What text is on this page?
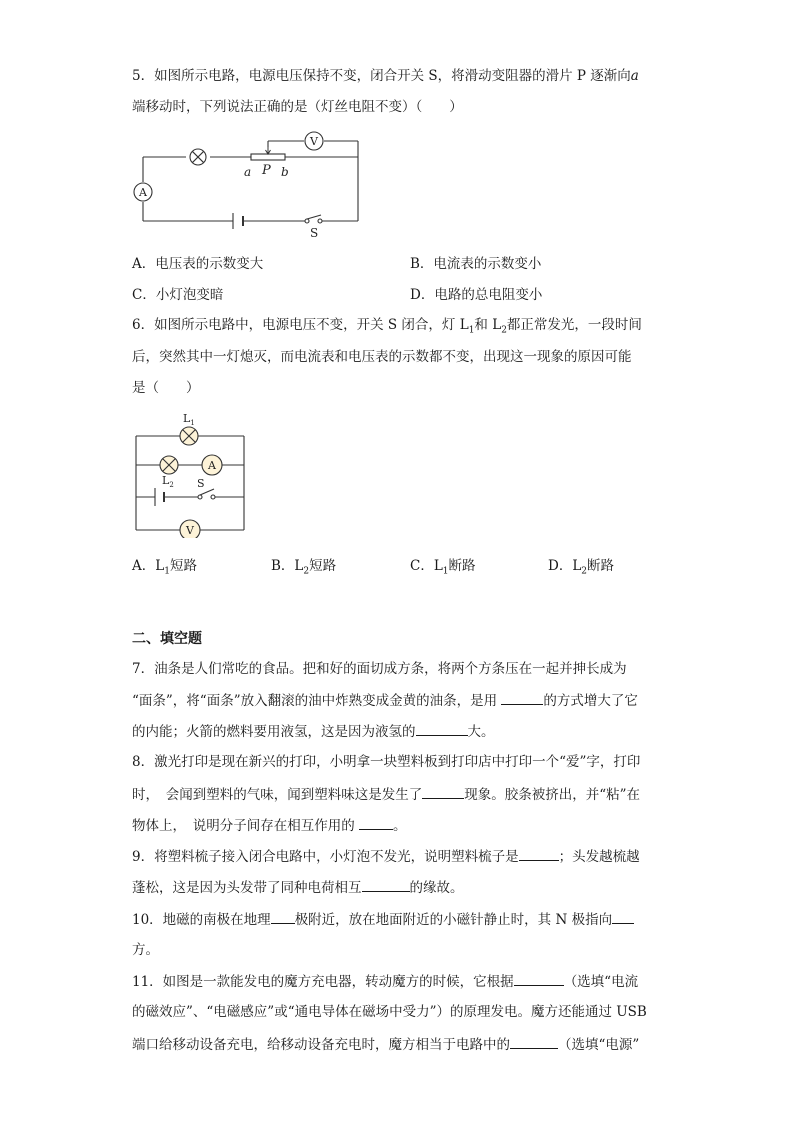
5．如图所示电路，电源电压保持不变，闭合开关 S，将滑动变阻器的滑片 P 逐渐向a
端移动时，下列说法正确的是（灯丝电阻不变）（　　）
A
V
S
a P b
A．电压表的示数变大	B．电流表的示数变小
C．小灯泡变暗	D．电路的总电阻变小
6．如图所示电路中，电源电压不变，开关 S 闭合，灯 $L_1$和 $L_2$都正常发光，一段时间
后，突然其中一灯熄灭，而电流表和电压表的示数都不变，出现这一现象的原因可能
是（　　）
$L_1$
A
$L_2$ S
V
A．$L_1$短路	B．$L_2$短路	C．$L_1$断路	D．$L_2$断路
二、填空题
7．油条是人们常吃的食品。把和好的面切成方条，将两个方条压在一起并抻长成为
“面条”，将“面条”放入翻滚的油中炸熟变成金黄的油条，是用	的方式增大了它
的内能；火箭的燃料要用液氢，这是因为液氢的	大。
8．激光打印是现在新兴的打印，小明拿一块塑料板到打印店中打印一个“爱”字，打印
时，　会闻到塑料的气味，闻到塑料味这是发生了	现象。胶条被挤出，并“粘”在
物体上，　说明分子间存在相互作用的	。
9．将塑料梳子接入闭合电路中，小灯泡不发光，说明塑料梳子是	；头发越梳越
蓬松，这是因为头发带了同种电荷相互	的缘故。
10．地磁的南极在地理 极附近，放在地面附近的小磁针静止时，其 N 极指向
方。
11．如图是一款能发电的魔方充电器，转动魔方的时候，它根据	（选填“电流
的磁效应”、“电磁感应”或“通电导体在磁场中受力”）的原理发电。魔方还能通过 USB
端口给移动设备充电，给移动设备充电时，魔方相当于电路中的	（选填“电源”
